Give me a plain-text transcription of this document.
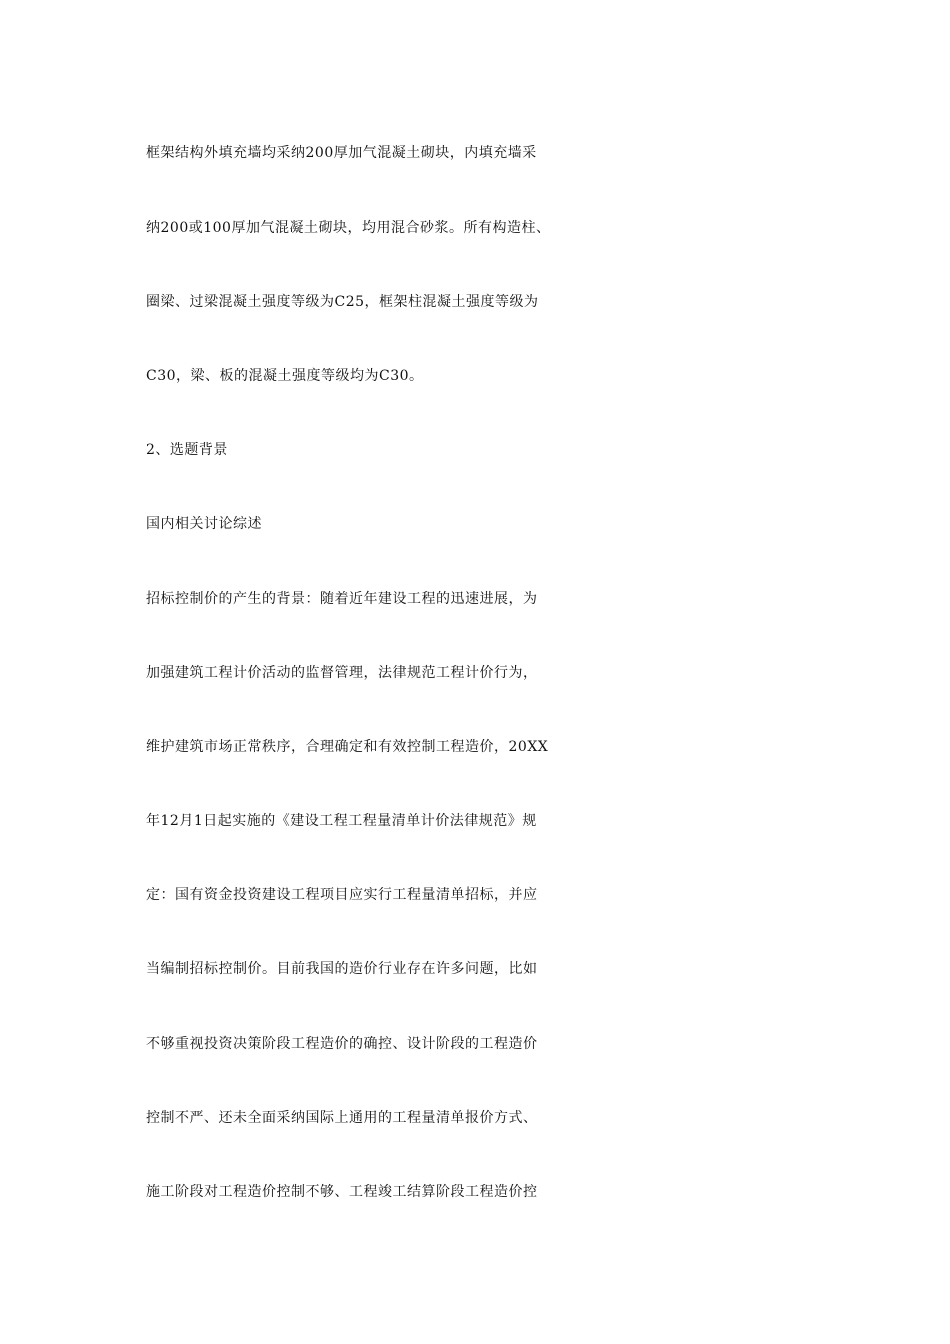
框架结构外填充墙均采纳200厚加气混凝土砌块，内填充墙采
纳200或100厚加气混凝土砌块，均用混合砂浆。所有构造柱、
圈梁、过梁混凝土强度等级为C25，框架柱混凝土强度等级为
C30，梁、板的混凝土强度等级均为C30。
2、选题背景
国内相关讨论综述
招标控制价的产生的背景：随着近年建设工程的迅速进展，为
加强建筑工程计价活动的监督管理，法律规范工程计价行为，
维护建筑市场正常秩序，合理确定和有效控制工程造价，20XX
年12月1日起实施的《建设工程工程量清单计价法律规范》规
定：国有资金投资建设工程项目应实行工程量清单招标，并应
当编制招标控制价。目前我国的造价行业存在许多问题，比如
不够重视投资决策阶段工程造价的确控、设计阶段的工程造价
控制不严、还未全面采纳国际上通用的工程量清单报价方式、
施工阶段对工程造价控制不够、工程竣工结算阶段工程造价控
